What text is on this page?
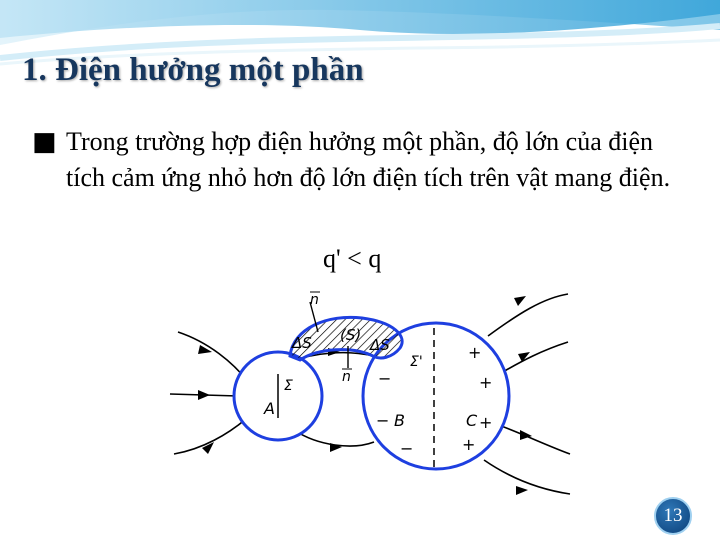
1. Điện hưởng một phần
■ Trong trường hợp điện hưởng một phần, độ lớn của điện tích cảm ứng nhỏ hơn độ lớn điện tích trên vật mang điện.
q' < q
n
n
ΔS (S)
ΔS
Σ'
Σ
A
B	C
−
−
−
+
+
+
+
13
